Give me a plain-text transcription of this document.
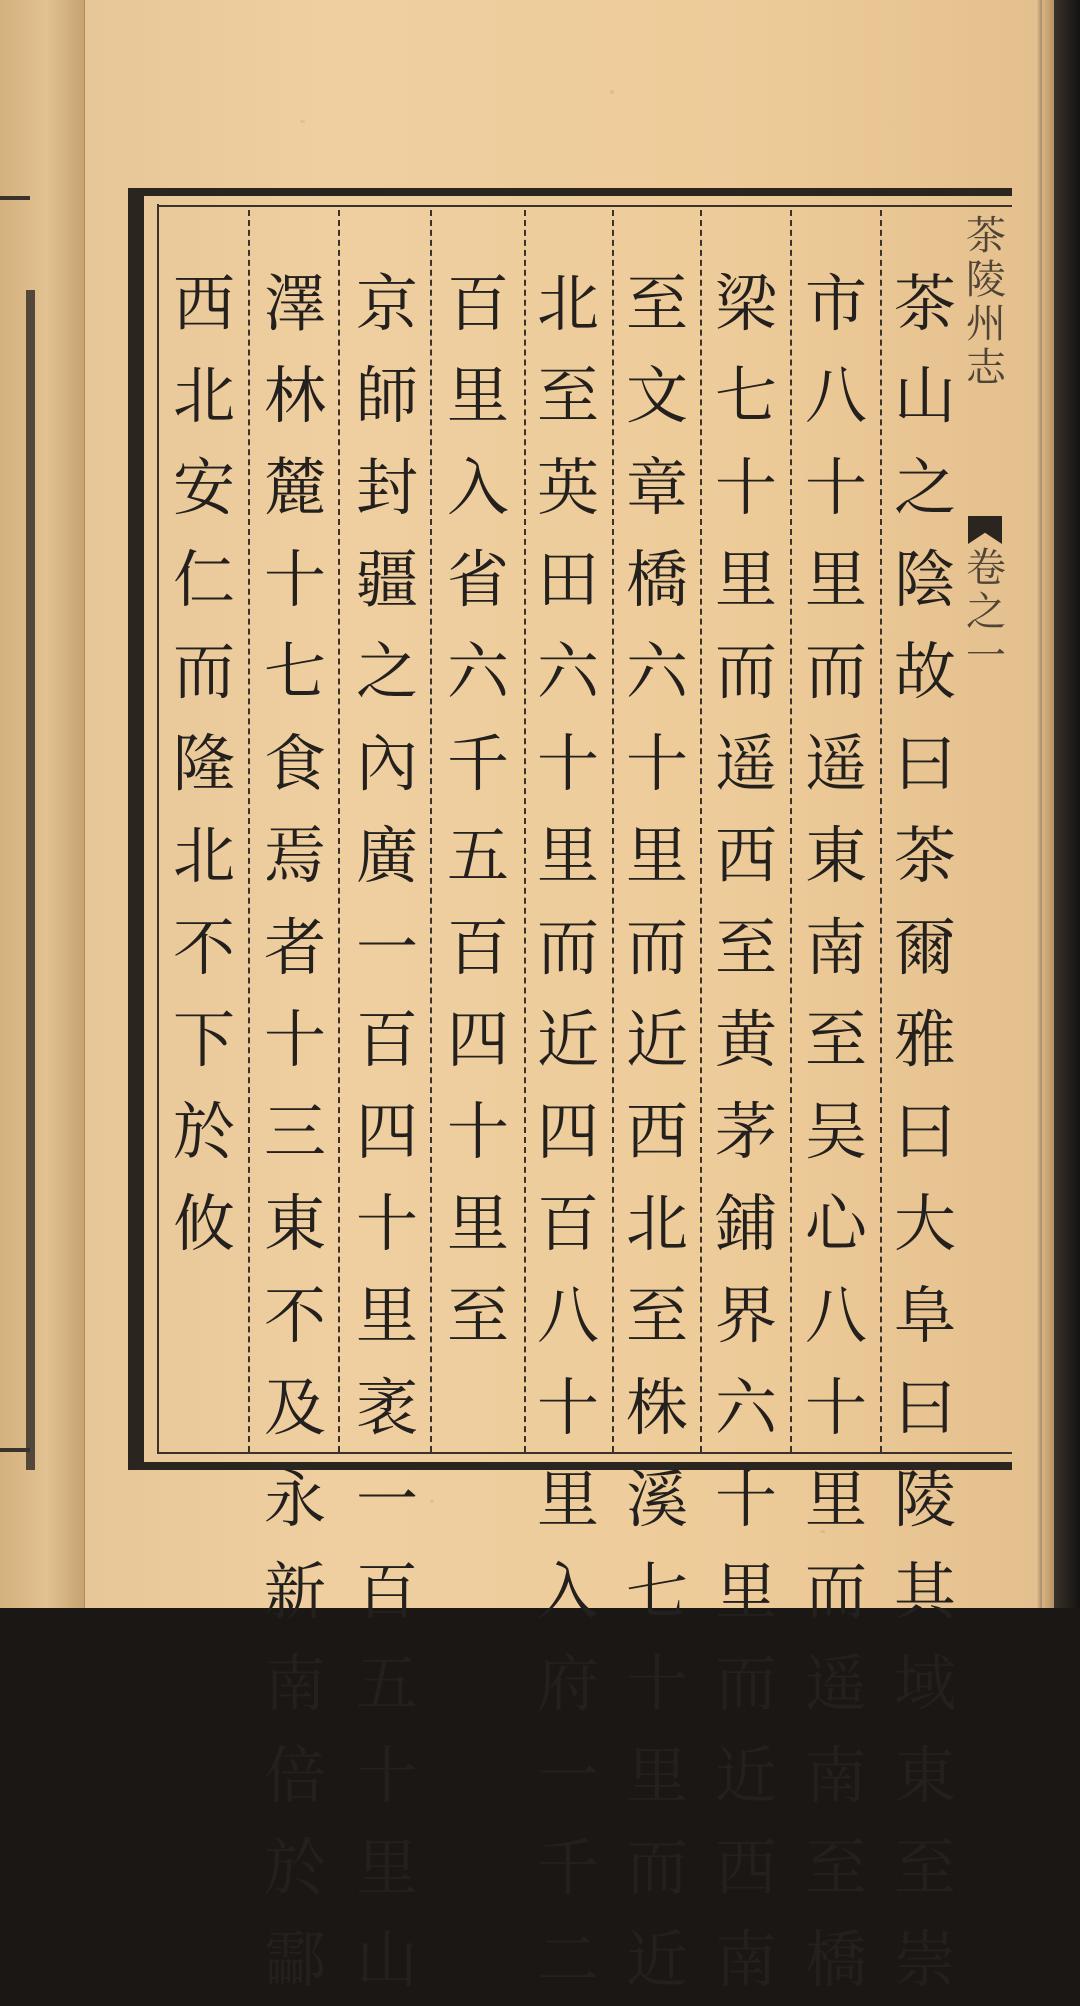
茶陵州志
卷之一
茶山之陰故曰茶爾雅曰大阜曰陵其域東至崇
市八十里而遥東南至吴心八十里而遥南至橋
梁七十里而遥西至黄茅鋪界六十里而近西南
至文章橋六十里而近西北至株溪七十里而近
北至英田六十里而近四百八十里入府一千二
百里入省六千五百四十里至
京師封疆之內廣一百四十里袤一百五十里山
澤林麓十七食焉者十三東不及永新南倍於酃
西北安仁而隆北不下於攸
